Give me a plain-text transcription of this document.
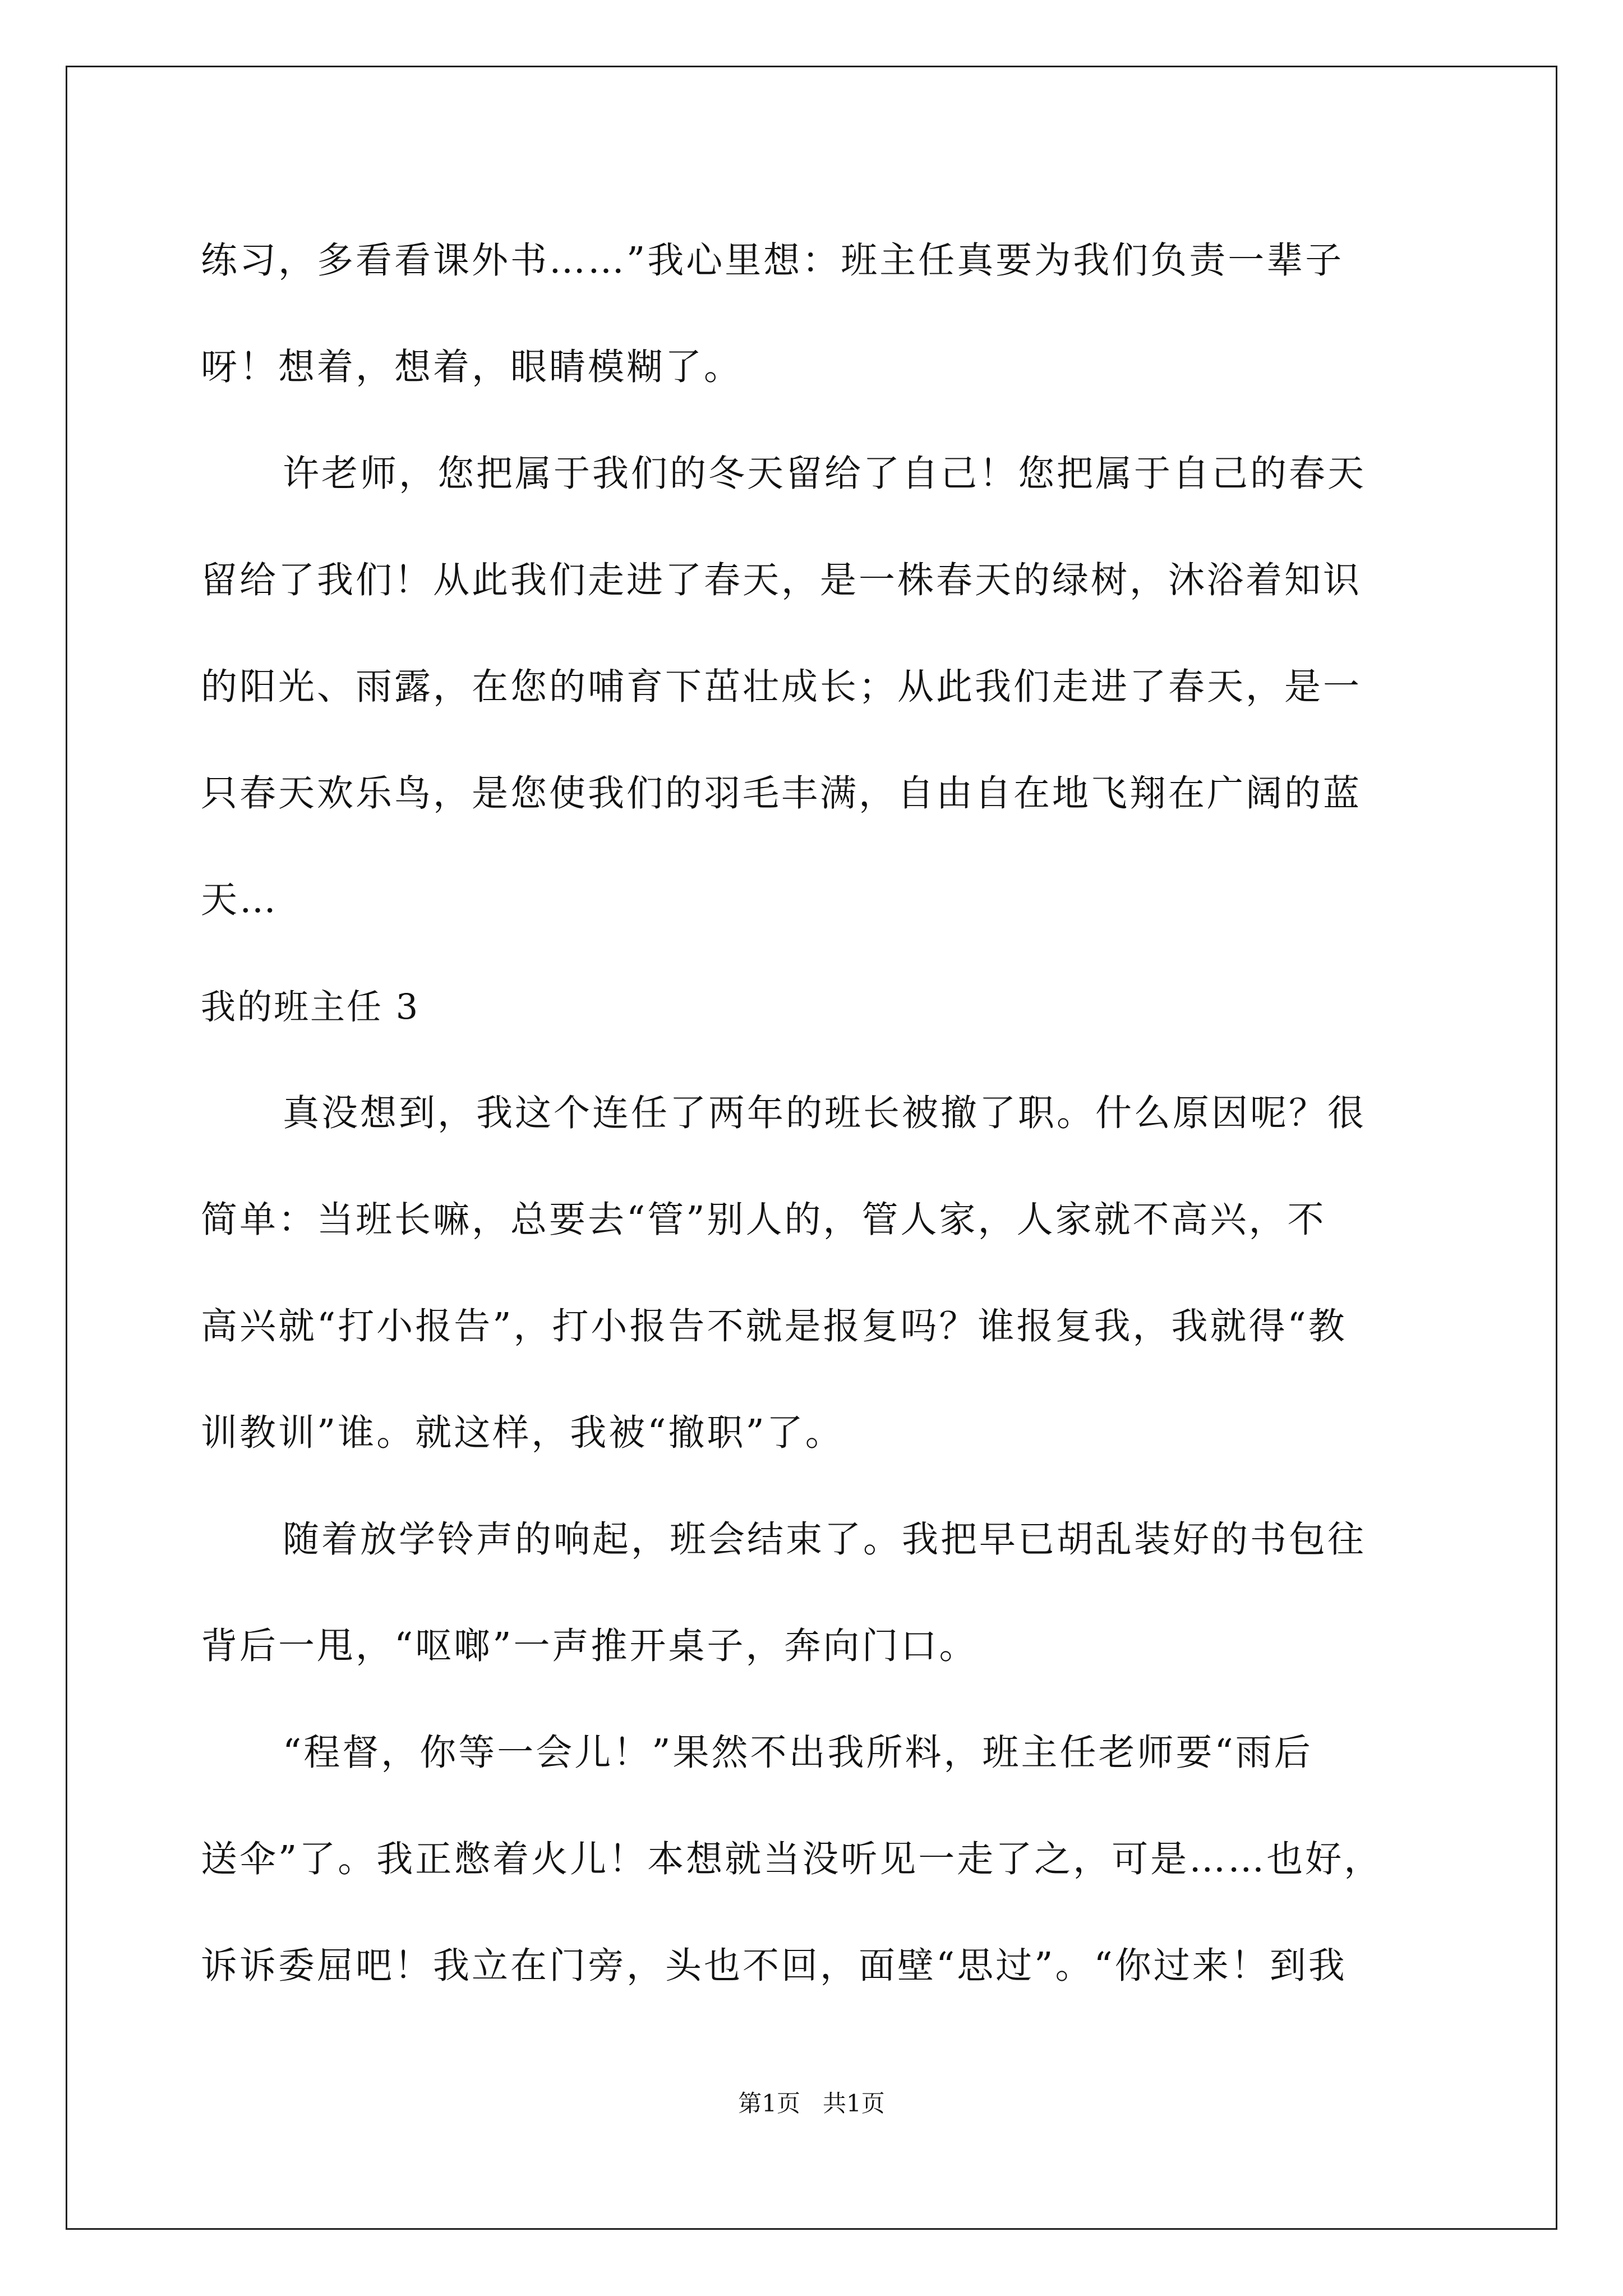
练习，多看看课外书……”我心里想：班主任真要为我们负责一辈子
呀！想着，想着，眼睛模糊了。
许老师，您把属于我们的冬天留给了自己！您把属于自己的春天
留给了我们！从此我们走进了春天，是一株春天的绿树，沐浴着知识
的阳光、雨露，在您的哺育下茁壮成长；从此我们走进了春天，是一
只春天欢乐鸟，是您使我们的羽毛丰满，自由自在地飞翔在广阔的蓝
天…
我的班主任 3
真没想到，我这个连任了两年的班长被撤了职。什么原因呢？很
简单：当班长嘛，总要去“管”别人的，管人家，人家就不高兴，不
高兴就“打小报告”，打小报告不就是报复吗？谁报复我，我就得“教
训教训”谁。就这样，我被“撤职”了。
随着放学铃声的响起，班会结束了。我把早已胡乱装好的书包往
背后一甩，“呕啷”一声推开桌子，奔向门口。
“程督，你等一会儿！”果然不出我所料，班主任老师要“雨后
送伞”了。我正憋着火儿！本想就当没听见一走了之，可是……也好，
诉诉委屈吧！我立在门旁，头也不回，面壁“思过”。“你过来！到我
第1页   共1页
